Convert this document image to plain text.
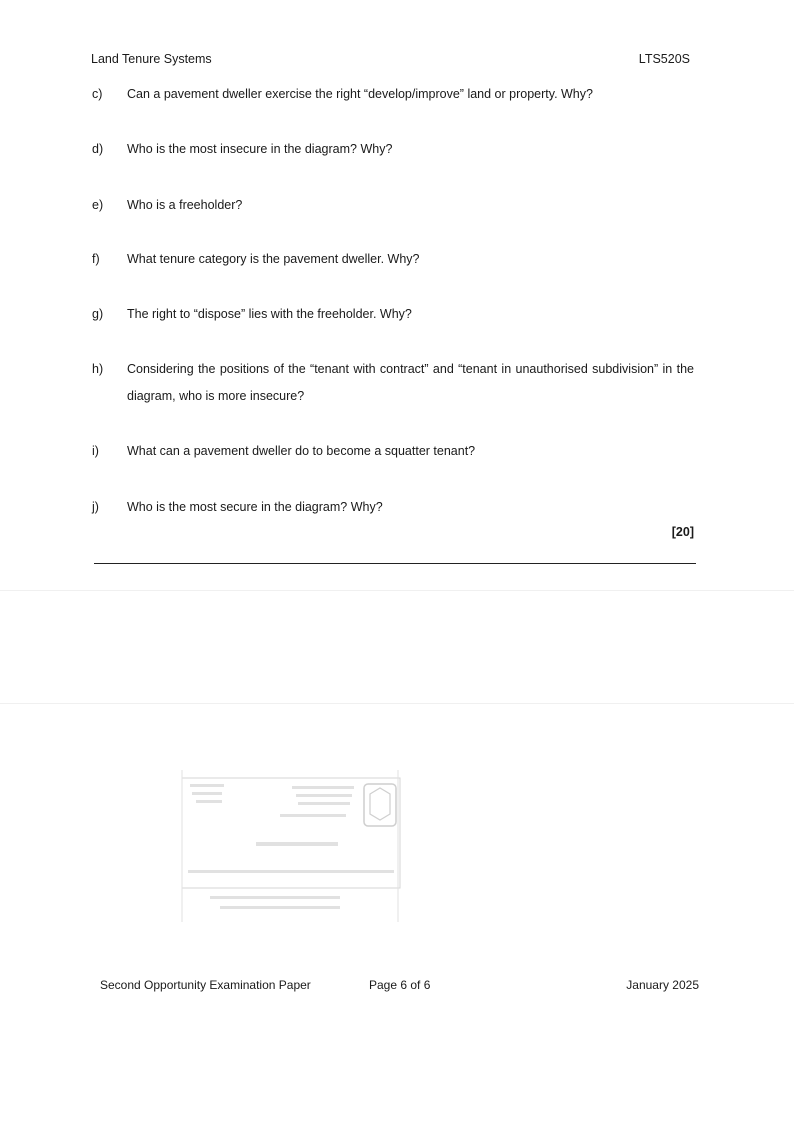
Land Tenure Systems	LTS520S
c)	Can a pavement dweller exercise the right “develop/improve” land or property. Why?
d)	Who is the most insecure in the diagram? Why?
e)	Who is a freeholder?
f)	What tenure category is the pavement dweller. Why?
g)	The right to “dispose” lies with the freeholder. Why?
h)	Considering the positions of the “tenant with contract” and “tenant in unauthorised subdivision” in the diagram, who is more insecure?
i)	What can a pavement dweller do to become a squatter tenant?
j)	Who is the most secure in the diagram? Why?
[20]
Second Opportunity Examination Paper	Page 6 of 6	January 2025
